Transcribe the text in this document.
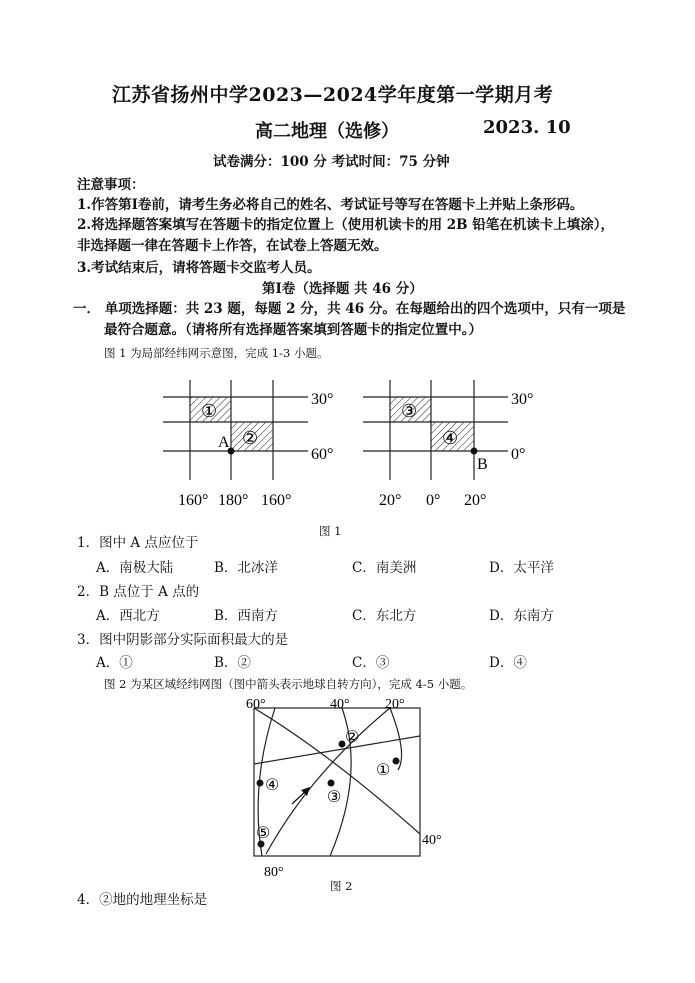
江苏省扬州中学2023—2024学年度第一学期月考
高二地理（选修）	2023. 10
试卷满分：100 分 考试时间：75 分钟
注意事项：
1.作答第Ⅰ卷前，请考生务必将自己的姓名、考试证号等写在答题卡上并贴上条形码。
2.将选择题答案填写在答题卡的指定位置上（使用机读卡的用 2B 铅笔在机读卡上填涂），
非选择题一律在答题卡上作答，在试卷上答题无效。
3.考试结束后，请将答题卡交监考人员。
第Ⅰ卷（选择题 共 46 分）
一． 单项选择题：共 23 题，每题 2 分，共 46 分。在每题给出的四个选项中，只有一项是
最符合题意。（请将所有选择题答案填到答题卡的指定位置中。）
图 1 为局部经纬网示意图，完成 1-3 小题。
30°
60°
160° 180° 160°
①
②
A
30°
0°
20° 0° 20°
③
④
B
图 1
1．图中 A 点应位于
A．南极大陆	B．北冰洋	C．南美洲	D．太平洋
2．B 点位于 A 点的
A．西北方	B．西南方	C．东北方	D．东南方
3．图中阴影部分实际面积最大的是
A．①	B．②	C．③	D．④
图 2 为某区域经纬网图（图中箭头表示地球自转方向），完成 4-5 小题。
60°	40°	20°
40°
80°
①
②
③
④
⑤
图 2
4．②地的地理坐标是
